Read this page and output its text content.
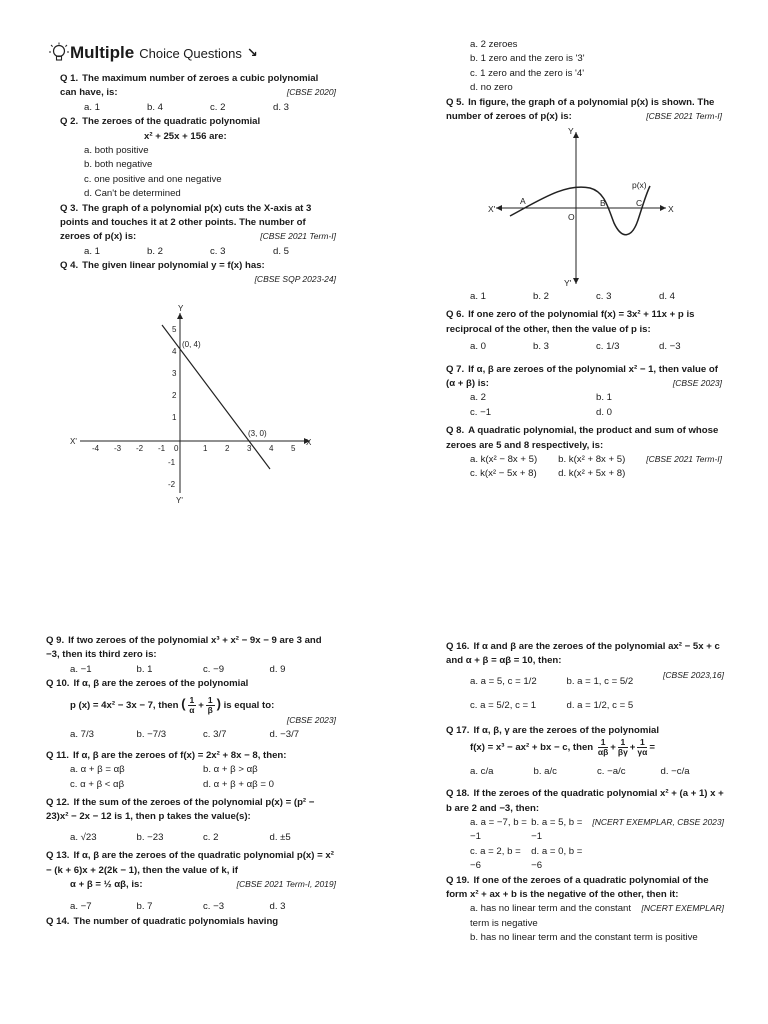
Multiple Choice Questions ↘
Q 1. The maximum number of zeroes a cubic polynomial can have, is:	[CBSE 2020]
a. 1	b. 4	c. 2	d. 3
Q 2. The zeroes of the quadratic polynomial
x² + 25x + 156 are:
a. both positive
b. both negative
c. one positive and one negative
d. Can't be determined
Q 3. The graph of a polynomial p(x) cuts the X-axis at 3 points and touches it at 2 other points. The number of zeroes of p(x) is:	[CBSE 2021 Term-I]
a. 1	b. 2	c. 3	d. 5
Q 4. The given linear polynomial y = f(x) has:
[CBSE SQP 2023-24]
X'	X
Y
Y'
-4 -3 -2 -1 0	1 2 3 4 5
5
4
3
2
1
-1
-2
(0, 4)
(3, 0)
a. 2 zeroes
b. 1 zero and the zero is '3'
c. 1 zero and the zero is '4'
d. no zero
Q 5. In figure, the graph of a polynomial p(x) is shown. The number of zeroes of p(x) is:	[CBSE 2021 Term-I]
X'	X
Y
Y'
A
O
B	C
p(x)
a. 1	b. 2	c. 3	d. 4
Q 6. If one zero of the polynomial f(x) = 3x² + 11x + p is reciprocal of the other, then the value of p is:
a. 0	b. 3	c. 1/3	d. −3
Q 7. If α, β are zeroes of the polynomial x² − 1, then value of (α + β) is:	[CBSE 2023]
a. 2	b. 1
c. −1	d. 0
Q 8. A quadratic polynomial, the product and sum of whose zeroes are 5 and 8 respectively, is:
[CBSE 2021 Term-I]
a. k(x² − 8x + 5)	b. k(x² + 8x + 5)
c. k(x² − 5x + 8)	d. k(x² + 5x + 8)
Q 9. If two zeroes of the polynomial x³ + x² − 9x − 9 are 3 and −3, then its third zero is:
a. −1	b. 1	c. −9	d. 9
Q 10. If α, β are the zeroes of the polynomial
p (x) = 4x² − 3x − 7, then ( $\frac{1}{\alpha} + \frac{1}{\beta}$ ) is equal to:
[CBSE 2023]
a. 7/3	b. −7/3	c. 3/7	d. −3/7
Q 11. If α, β are the zeroes of f(x) = 2x² + 8x − 8, then:
a. α + β = αβ	b. α + β > αβ
c. α + β < αβ	d. α + β + αβ = 0
Q 12. If the sum of the zeroes of the polynomial p(x) = (p² − 23)x² − 2x − 12 is 1, then p takes the value(s):
a. √23	b. −23	c. 2	d. ±5
Q 13. If α, β are the zeroes of the quadratic polynomial p(x) = x² − (k + 6)x + 2(2k − 1), then the value of k, if
α + β = ½ αβ, is:	[CBSE 2021 Term-I, 2019]
a. −7	b. 7	c. −3	d. 3
Q 14. The number of quadratic polynomials having
Q 16. If α and β are the zeroes of the polynomial ax² − 5x + c and α + β = αβ = 10, then:
[CBSE 2023,16]
a. a = 5, c = 1/2	b. a = 1, c = 5/2
c. a = 5/2, c = 1	d. a = 1/2, c = 5
Q 17. If α, β, γ are the zeroes of the polynomial
f(x) = x³ − ax² + bx − c, then $\frac{1}{\alpha\beta} + \frac{1}{\beta\gamma} + \frac{1}{\gamma\alpha}$ =
a. c/a	b. a/c	c. −a/c	d. −c/a
Q 18. If the zeroes of the quadratic polynomial x² + (a + 1) x + b are 2 and −3, then:
[NCERT EXEMPLAR, CBSE 2023]
a. a = −7, b = −1
b. a = 5, b = −1
c. a = 2, b = −6
d. a = 0, b = −6
Q 19. If one of the zeroes of a quadratic polynomial of the form x² + ax + b is the negative of the other, then it:
[NCERT EXEMPLAR]
a. has no linear term and the constant term is negative
b. has no linear term and the constant term is positive
